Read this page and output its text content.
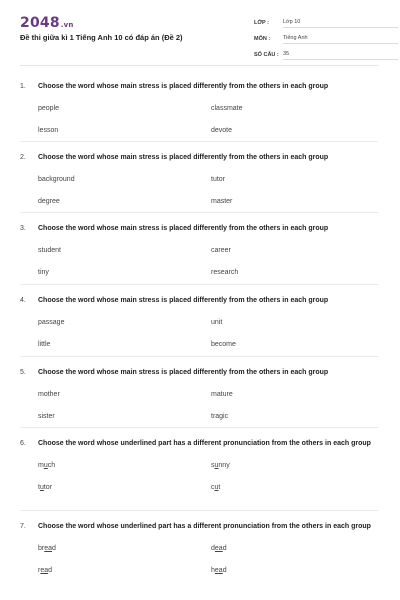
2048.vn
Đề thi giữa kì 1 Tiếng Anh 10 có đáp án (Đề 2)
LỚP :	Lớp 10
MÔN :	Tiếng Anh
SỐ CÂU : 35
1.	Choose the word whose main stress is placed differently from the others in each group
people	classmate
lesson	devote
2.	Choose the word whose main stress is placed differently from the others in each group
background	tutor
degree	master
3.	Choose the word whose main stress is placed differently from the others in each group
student	career
tiny	research
4.	Choose the word whose main stress is placed differently from the others in each group
passage	unit
little	become
5.	Choose the word whose main stress is placed differently from the others in each group
mother	mature
sister	tragic
6.	Choose the word whose underlined part has a different pronunciation from the others in each group
much	sunny
tutor	cut
7.	Choose the word whose underlined part has a different pronunciation from the others in each group
bread	dead
read	head
